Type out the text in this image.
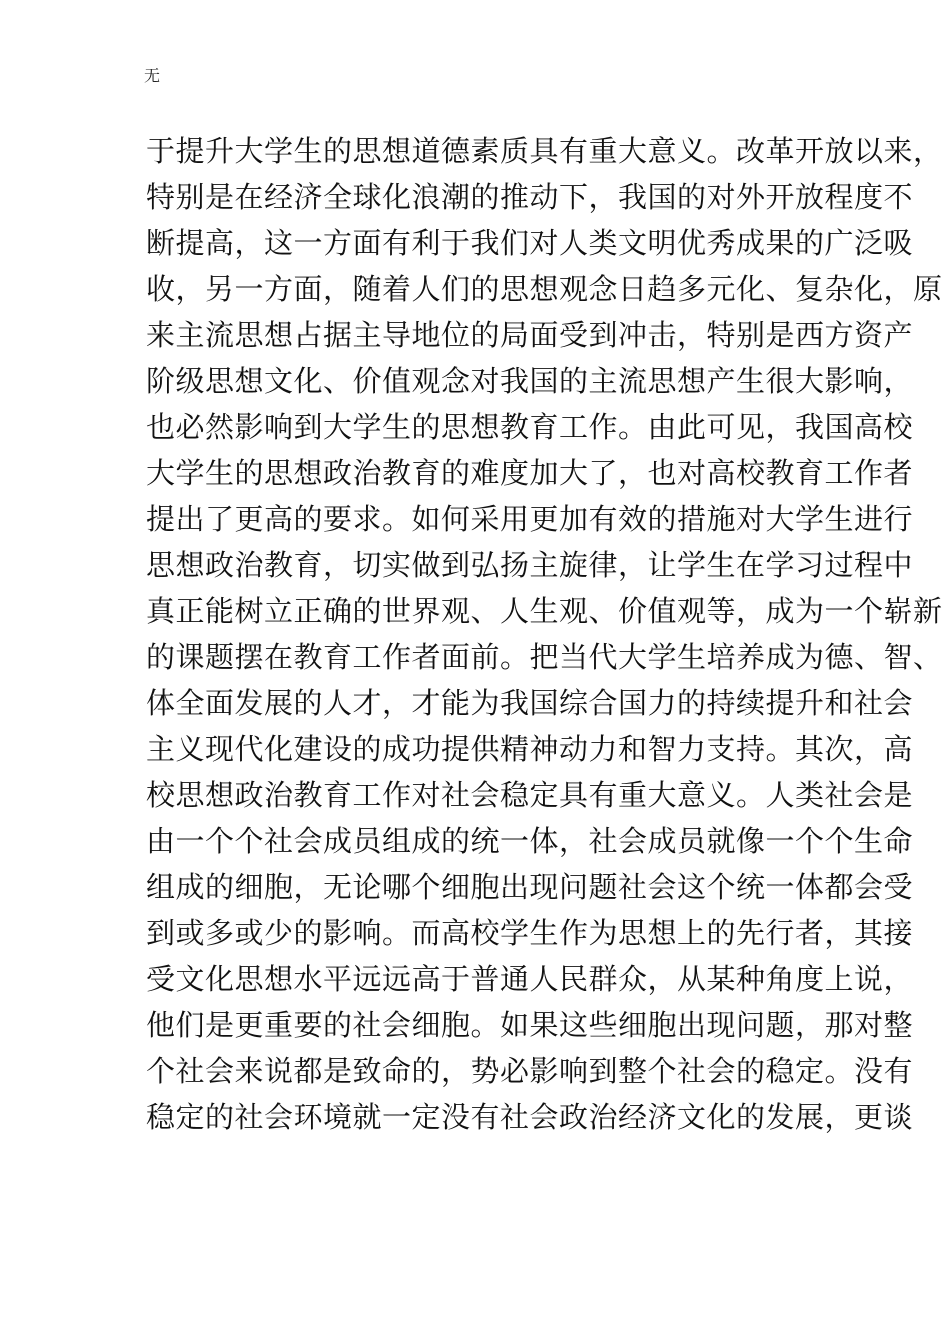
无
于提升大学生的思想道德素质具有重大意义。改革开放以来，
特别是在经济全球化浪潮的推动下，我国的对外开放程度不
断提高，这一方面有利于我们对人类文明优秀成果的广泛吸
收，另一方面，随着人们的思想观念日趋多元化、复杂化，原
来主流思想占据主导地位的局面受到冲击，特别是西方资产
阶级思想文化、价值观念对我国的主流思想产生很大影响，
也必然影响到大学生的思想教育工作。由此可见，我国高校
大学生的思想政治教育的难度加大了，也对高校教育工作者
提出了更高的要求。如何采用更加有效的措施对大学生进行
思想政治教育，切实做到弘扬主旋律，让学生在学习过程中
真正能树立正确的世界观、人生观、价值观等，成为一个崭新
的课题摆在教育工作者面前。把当代大学生培养成为德、智、
体全面发展的人才，才能为我国综合国力的持续提升和社会
主义现代化建设的成功提供精神动力和智力支持。其次，高
校思想政治教育工作对社会稳定具有重大意义。人类社会是
由一个个社会成员组成的统一体，社会成员就像一个个生命
组成的细胞，无论哪个细胞出现问题社会这个统一体都会受
到或多或少的影响。而高校学生作为思想上的先行者，其接
受文化思想水平远远高于普通人民群众，从某种角度上说，
他们是更重要的社会细胞。如果这些细胞出现问题，那对整
个社会来说都是致命的，势必影响到整个社会的稳定。没有
稳定的社会环境就一定没有社会政治经济文化的发展，更谈
